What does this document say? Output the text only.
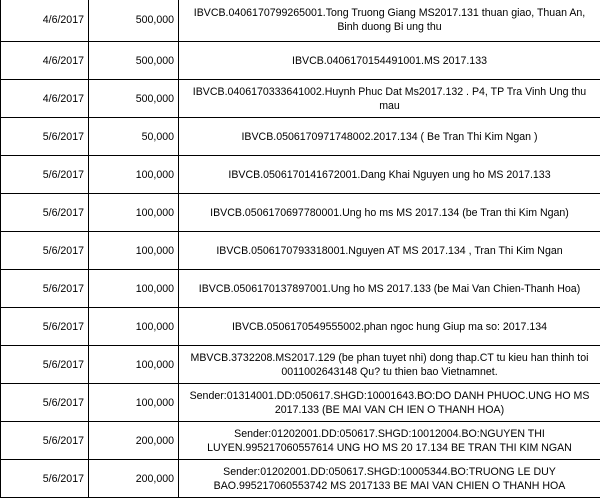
4/6/2017	500,000	IBVCB.0406170799265001.Tong Truong Giang MS2017.131 thuan giao, Thuan An, Binh duong Bi ung thu
4/6/2017	500,000	IBVCB.0406170154491001.MS 2017.133
4/6/2017	500,000	IBVCB.0406170333641002.Huynh Phuc Dat Ms2017.132 . P4, TP Tra Vinh Ung thu mau
5/6/2017	50,000	IBVCB.0506170971748002.2017.134 ( Be Tran Thi Kim Ngan )
5/6/2017	100,000	IBVCB.0506170141672001.Dang Khai Nguyen ung ho MS 2017.133
5/6/2017	100,000	IBVCB.0506170697780001.Ung ho ms MS 2017.134 (be Tran thi Kim Ngan)
5/6/2017	100,000	IBVCB.0506170793318001.Nguyen AT MS 2017.134 , Tran Thi Kim Ngan
5/6/2017	100,000	IBVCB.0506170137897001.Ung ho MS 2017.133 (be Mai Van Chien-Thanh Hoa)
5/6/2017	100,000	IBVCB.0506170549555002.phan ngoc hung Giup ma so: 2017.134
5/6/2017	100,000	MBVCB.3732208.MS2017.129 (be phan tuyet nhi) dong thap.CT tu kieu han thinh toi 0011002643148 Qu? tu thien bao Vietnamnet.
5/6/2017	100,000	Sender:01314001.DD:050617.SHGD:10001643.BO:DO DANH PHUOC.UNG HO MS 2017.133 (BE MAI VAN CH IEN O THANH HOA)
5/6/2017	200,000	Sender:01202001.DD:050617.SHGD:10012004.BO:NGUYEN THI LUYEN.995217060557614 UNG HO MS 20 17.134 BE TRAN THI KIM NGAN
5/6/2017	200,000	Sender:01202001.DD:050617.SHGD:10005344.BO:TRUONG LE DUY BAO.995217060553742 MS 2017133 BE MAI VAN CHIEN O THANH HOA
